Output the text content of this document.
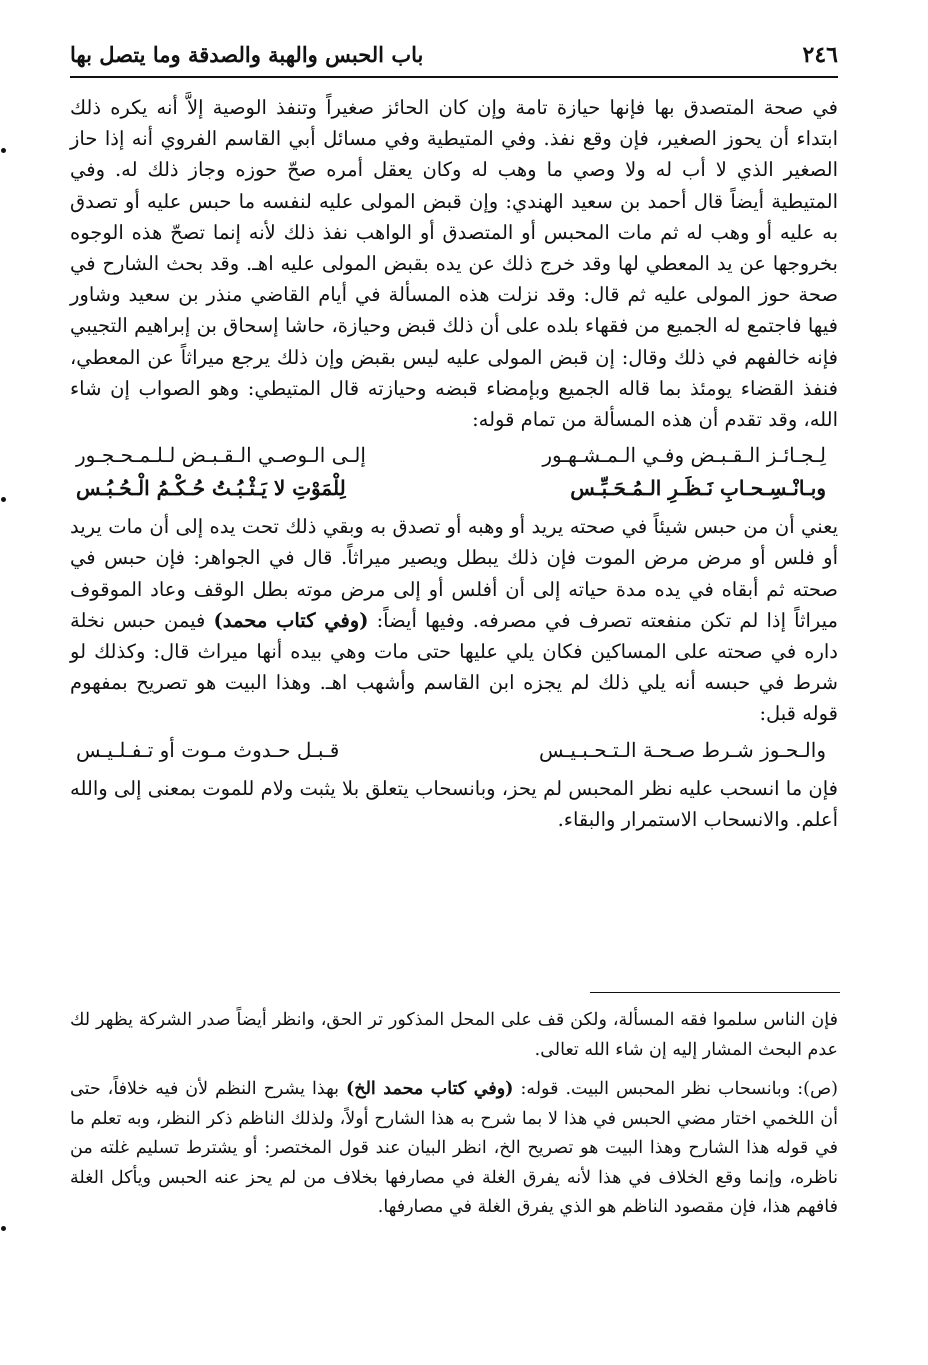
٢٤٦
باب الحبس والهبة والصدقة وما يتصل بها

في صحة المتصدق بها فإنها حيازة تامة وإن كان الحائز صغيراً وتنفذ الوصية إلاَّ أنه يكره ذلك ابتداء أن يحوز الصغير، فإن وقع نفذ. وفي المتيطية وفي مسائل أبي القاسم الفروي أنه إذا حاز الصغير الذي لا أب له ولا وصي ما وهب له وكان يعقل أمره صحّ حوزه وجاز ذلك له. وفي المتيطية أيضاً قال أحمد بن سعيد الهندي: وإن قبض المولى عليه لنفسه ما حبس عليه أو تصدق به عليه أو وهب له ثم مات المحبس أو المتصدق أو الواهب نفذ ذلك لأنه إنما تصحّ هذه الوجوه بخروجها عن يد المعطي لها وقد خرج ذلك عن يده بقبض المولى عليه اهـ. وقد بحث الشارح في صحة حوز المولى عليه ثم قال: وقد نزلت هذه المسألة في أيام القاضي منذر بن سعيد وشاور فيها فاجتمع له الجميع من فقهاء بلده على أن ذلك قبض وحيازة، حاشا إسحاق بن إبراهيم التجيبي فإنه خالفهم في ذلك وقال: إن قبض المولى عليه ليس بقبض وإن ذلك يرجع ميراثاً عن المعطي، فنفذ القضاء يومئذ بما قاله الجميع وبإمضاء قبضه وحيازته قال المتيطي: وهو الصواب إن شاء الله، وقد تقدم أن هذه المسألة من تمام قوله:

لِـجـائـز الـقـبـض وفـي الـمـشـهـور
إلـى الـوصـي الـقـبـض لـلـمـحـجـور
وبـانْـسِـحـابِ نَـظَـرِ الـمُـحَـبِّـس
لِلْمَوْتِ لا يَـثْـبُـتُ حُـكْـمُ الْـحُـبُـس

يعني أن من حبس شيئاً في صحته يريد أو وهبه أو تصدق به وبقي ذلك تحت يده إلى أن مات يريد أو فلس أو مرض مرض الموت فإن ذلك يبطل ويصير ميراثاً. قال في الجواهر: فإن حبس في صحته ثم أبقاه في يده مدة حياته إلى أن أفلس أو إلى مرض موته بطل الوقف وعاد الموقوف ميراثاً إذا لم تكن منفعته تصرف في مصرفه. وفيها أيضاً: (وفي كتاب محمد) فيمن حبس نخلة داره في صحته على المساكين فكان يلي عليها حتى مات وهي بيده أنها ميراث قال: وكذلك لو شرط في حبسه أنه يلي ذلك لم يجزه ابن القاسم وأشهب اهـ. وهذا البيت هو تصريح بمفهوم قوله قبل:

والـحـوز شـرط صـحـة الـتـحـبـيـس
قـبـل حـدوث مـوت أو تـفـلـيـس

فإن ما انسحب عليه نظر المحبس لم يحز، وبانسحاب يتعلق بلا يثبت ولام للموت بمعنى إلى والله أعلم. والانسحاب الاستمرار والبقاء.

فإن الناس سلموا فقه المسألة، ولكن قف على المحل المذكور تر الحق، وانظر أيضاً صدر الشركة يظهر لك عدم البحث المشار إليه إن شاء الله تعالى.

(ص): وبانسحاب نظر المحبس البيت. قوله: (وفي كتاب محمد الخ) بهذا يشرح النظم لأن فيه خلافاً، حتى أن اللخمي اختار مضي الحبس في هذا لا بما شرح به هذا الشارح أولاً، ولذلك الناظم ذكر النظر، وبه تعلم ما في قوله هذا الشارح وهذا البيت هو تصريح الخ، انظر البيان عند قول المختصر: أو يشترط تسليم غلته من ناظره، وإنما وقع الخلاف في هذا لأنه يفرق الغلة في مصارفها بخلاف من لم يحز عنه الحبس ويأكل الغلة فافهم هذا، فإن مقصود الناظم هو الذي يفرق الغلة في مصارفها.
